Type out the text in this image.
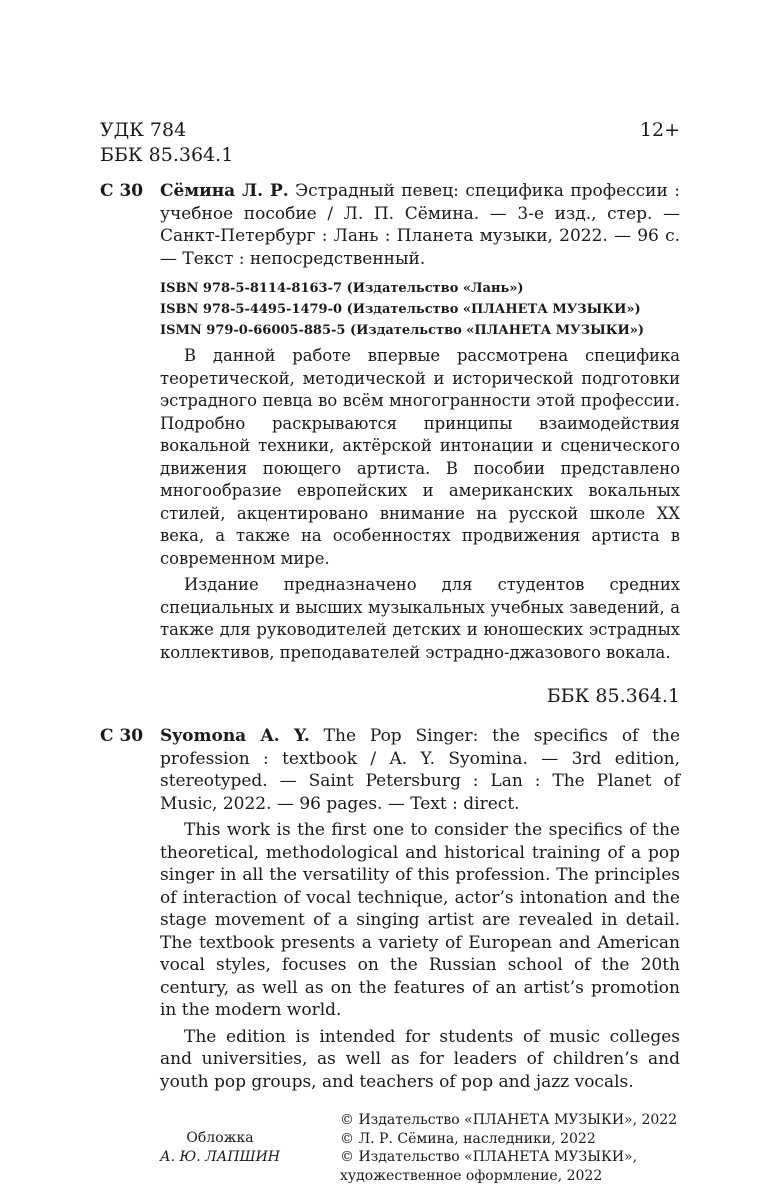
УДК 784	12+
ББК 85.364.1
С 30 Сёмина Л. Р. Эстрадный певец: специфика профессии : учебное пособие / Л. П. Сёмина. — 3-е изд., стер. — Санкт-Петербург : Лань : Планета музыки, 2022. — 96 с. — Текст : непосредственный.
ISBN 978-5-8114-8163-7 (Издательство «Лань»)
ISBN 978-5-4495-1479-0 (Издательство «ПЛАНЕТА МУЗЫКИ»)
ISMN 979-0-66005-885-5 (Издательство «ПЛАНЕТА МУЗЫКИ»)

В данной работе впервые рассмотрена специфика теоретической, методической и исторической подготовки эстрадного певца во всём многогранности этой профессии. Подробно раскрываются принципы взаимодействия вокальной техники, актёрской интонации и сценического движения поющего артиста. В пособии представлено многообразие европейских и американских вокальных стилей, акцентировано внимание на русской школе XX века, а также на особенностях продвижения артиста в современном мире.

Издание предназначено для студентов средних специальных и высших музыкальных учебных заведений, а также для руководителей детских и юношеских эстрадных коллективов, преподавателей эстрадно-джазового вокала.

ББК 85.364.1
С 30 Syomona A. Y. The Pop Singer: the specifics of the profession : textbook / A. Y. Syomina. — 3rd edition, stereotyped. — Saint Petersburg : Lan : The Planet of Music, 2022. — 96 pages. — Text : direct.

This work is the first one to consider the specifics of the theoretical, methodological and historical training of a pop singer in all the versatility of this profession. The principles of interaction of vocal technique, actor’s intonation and the stage movement of a singing artist are revealed in detail. The textbook presents a variety of European and American vocal styles, focuses on the Russian school of the 20th century, as well as on the features of an artist’s promotion in the modern world.

The edition is intended for students of music colleges and universities, as well as for leaders of children’s and youth pop groups, and teachers of pop and jazz vocals.

Обложка
А. Ю. ЛАПШИН
© Издательство «ПЛАНЕТА МУЗЫКИ», 2022
© Л. Р. Сёмина, наследники, 2022
© Издательство «ПЛАНЕТА МУЗЫКИ», художественное оформление, 2022
